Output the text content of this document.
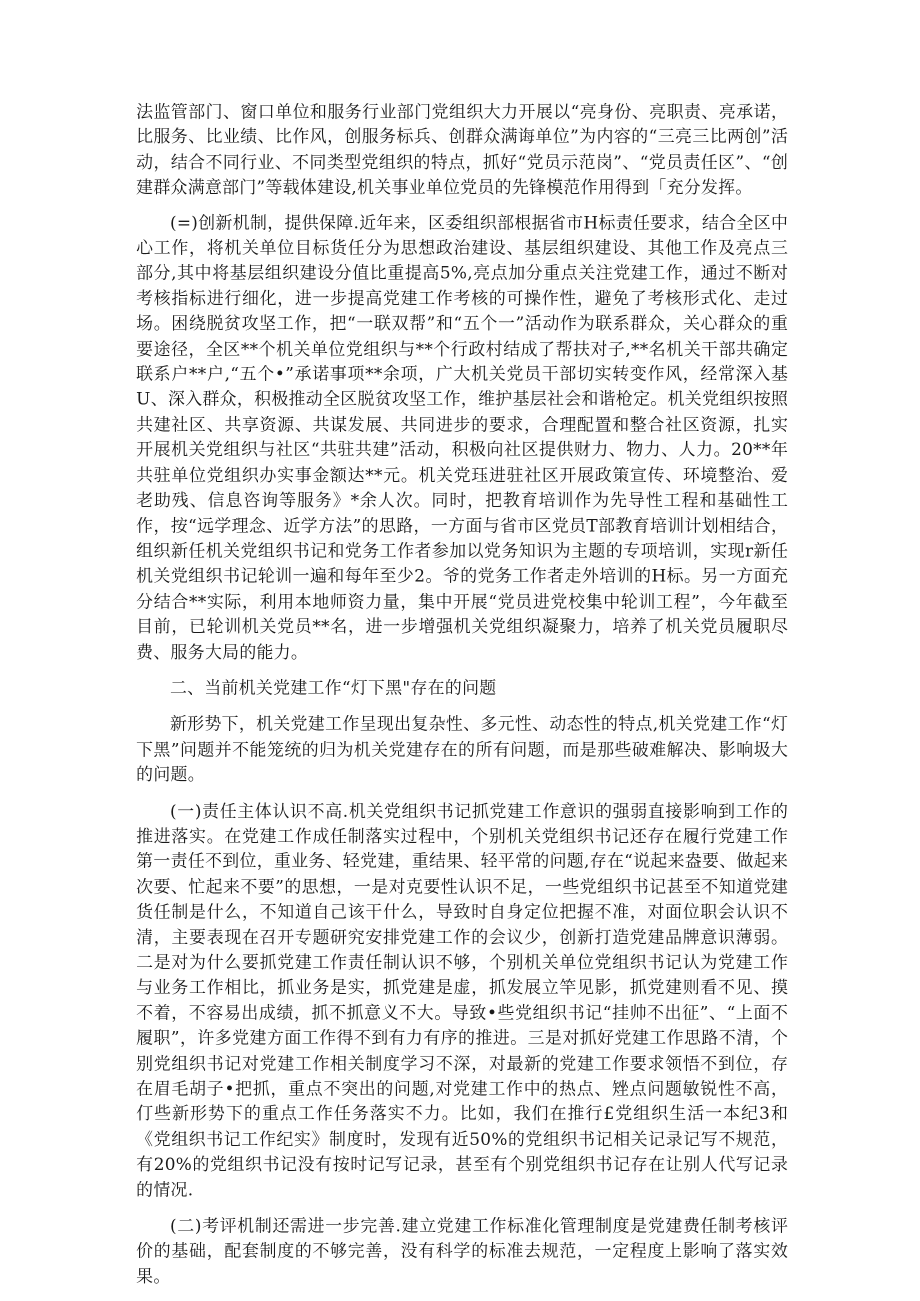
法监管部门、窗口单位和服务行业部门党组织大力开展以“亮身份、亮职责、亮承诺，比服务、比业绩、比作风，创服务标兵、创群众满诲单位”为内容的“三亮三比两创”活动，结合不同行业、不同类型党组织的特点，抓好“党员示范岗”、“党员责任区”、“创建群众满意部门”等载体建设,机关事业单位党员的先锋模范作用得到「充分发挥。

(=)创新机制，提供保障.近年来，区委组织部根据省市H标责任要求，结合全区中心工作，将机关单位目标货任分为思想政治建设、基层组织建设、其他工作及亮点三部分,其中将基层组织建设分值比重提高5%,亮点加分重点关注党建工作，通过不断对考核指标进行细化，进一步提高党建工作考核的可操作性，避免了考核形式化、走过场。困绕脱贫攻坚工作，把“一联双帮”和“五个一”活动作为联系群众，关心群众的重要途径，全区**个机关单位党组织与**个行政村结成了帮扶对子,**名机关干部共确定联系户**户,“五个•”承诺事项**余项，广大机关党员干部切实转变作风，经常深入基U、深入群众，积极推动全区脱贫攻坚工作，维护基层社会和谐枪定。机关党组织按照共建社区、共享资源、共谋发展、共同进步的要求，合理配置和整合社区资源，扎实开展机关党组织与社区“共驻共建”活动，积极向社区提供财力、物力、人力。20**年共驻单位党组织办实事金额达**元。机关党珏进驻社区开展政策宣传、环境整治、爱老助残、信息咨询等服务》*余人次。同时，把教育培训作为先导性工程和基础性工作，按“远学理念、近学方法”的思路，一方面与省市区党员T部教育培训计划相结合，组织新任机关党组织书记和党务工作者参加以党务知识为主题的专项培训，实现r新任机关党组织书记轮训一遍和每年至少2。爷的党务工作者走外培训的H标。另一方面充分结合**实际，利用本地师资力量，集中开展“党员进党校集中轮训工程”，今年截至目前，已轮训机关党员**名，进一步增强机关党组织凝聚力，培养了机关党员履职尽费、服务大局的能力。

二、当前机关党建工作“灯下黑"存在的问题

新形势下，机关党建工作呈现出复杂性、多元性、动态性的特点,机关党建工作“灯下黑”问题并不能笼统的归为机关党建存在的所有问题，而是那些破难解决、影响圾大的问题。

(一)责任主体认识不高.机关党组织书记抓党建工作意识的强弱直接影响到工作的推进落实。在党建工作成任制落实过程中，个别机关党组织书记还存在履行党建工作第一责任不到位，重业务、轻党建，重结果、轻平常的问题,存在“说起来盎要、做起来次要、忙起来不要”的思想，一是对克要性认识不足，一些党组织书记甚至不知道党建货任制是什么，不知道自己该干什么，导致时自身定位把握不准，对面位职会认识不清，主要表现在召开专题研究安排党建工作的会议少，创新打造党建品牌意识薄弱。二是对为什么要抓党建工作责任制认识不够，个别机关单位党组织书记认为党建工作与业务工作相比，抓业务是实，抓党建是虚，抓发展立竿见影，抓党建则看不见、摸不着，不容易出成绩，抓不抓意义不大。导致•些党组织书记“挂帅不出征”、“上面不履职”，许多党建方面工作得不到有力有序的推进。三是对抓好党建工作思路不清，个别党组织书记对党建工作相关制度学习不深，对最新的党建工作要求领悟不到位，存在眉毛胡子•把抓，重点不突出的问题,对党建工作中的热点、矬点问题敏锐性不高，仃些新形势下的重点工作任务落实不力。比如，我们在推行£党组织生活一本纪3和《党组织书记工作纪实》制度时，发现有近50%的党组织书记相关记录记写不规范，有20%的党组织书记没有按时记写记录，甚至有个别党组织书记存在让别人代写记录的情况.

(二)考评机制还需进一步完善.建立党建工作标准化管理制度是党建费任制考核评价的基础，配套制度的不够完善，没有科学的标准去规范，一定程度上影响了落实效果。
